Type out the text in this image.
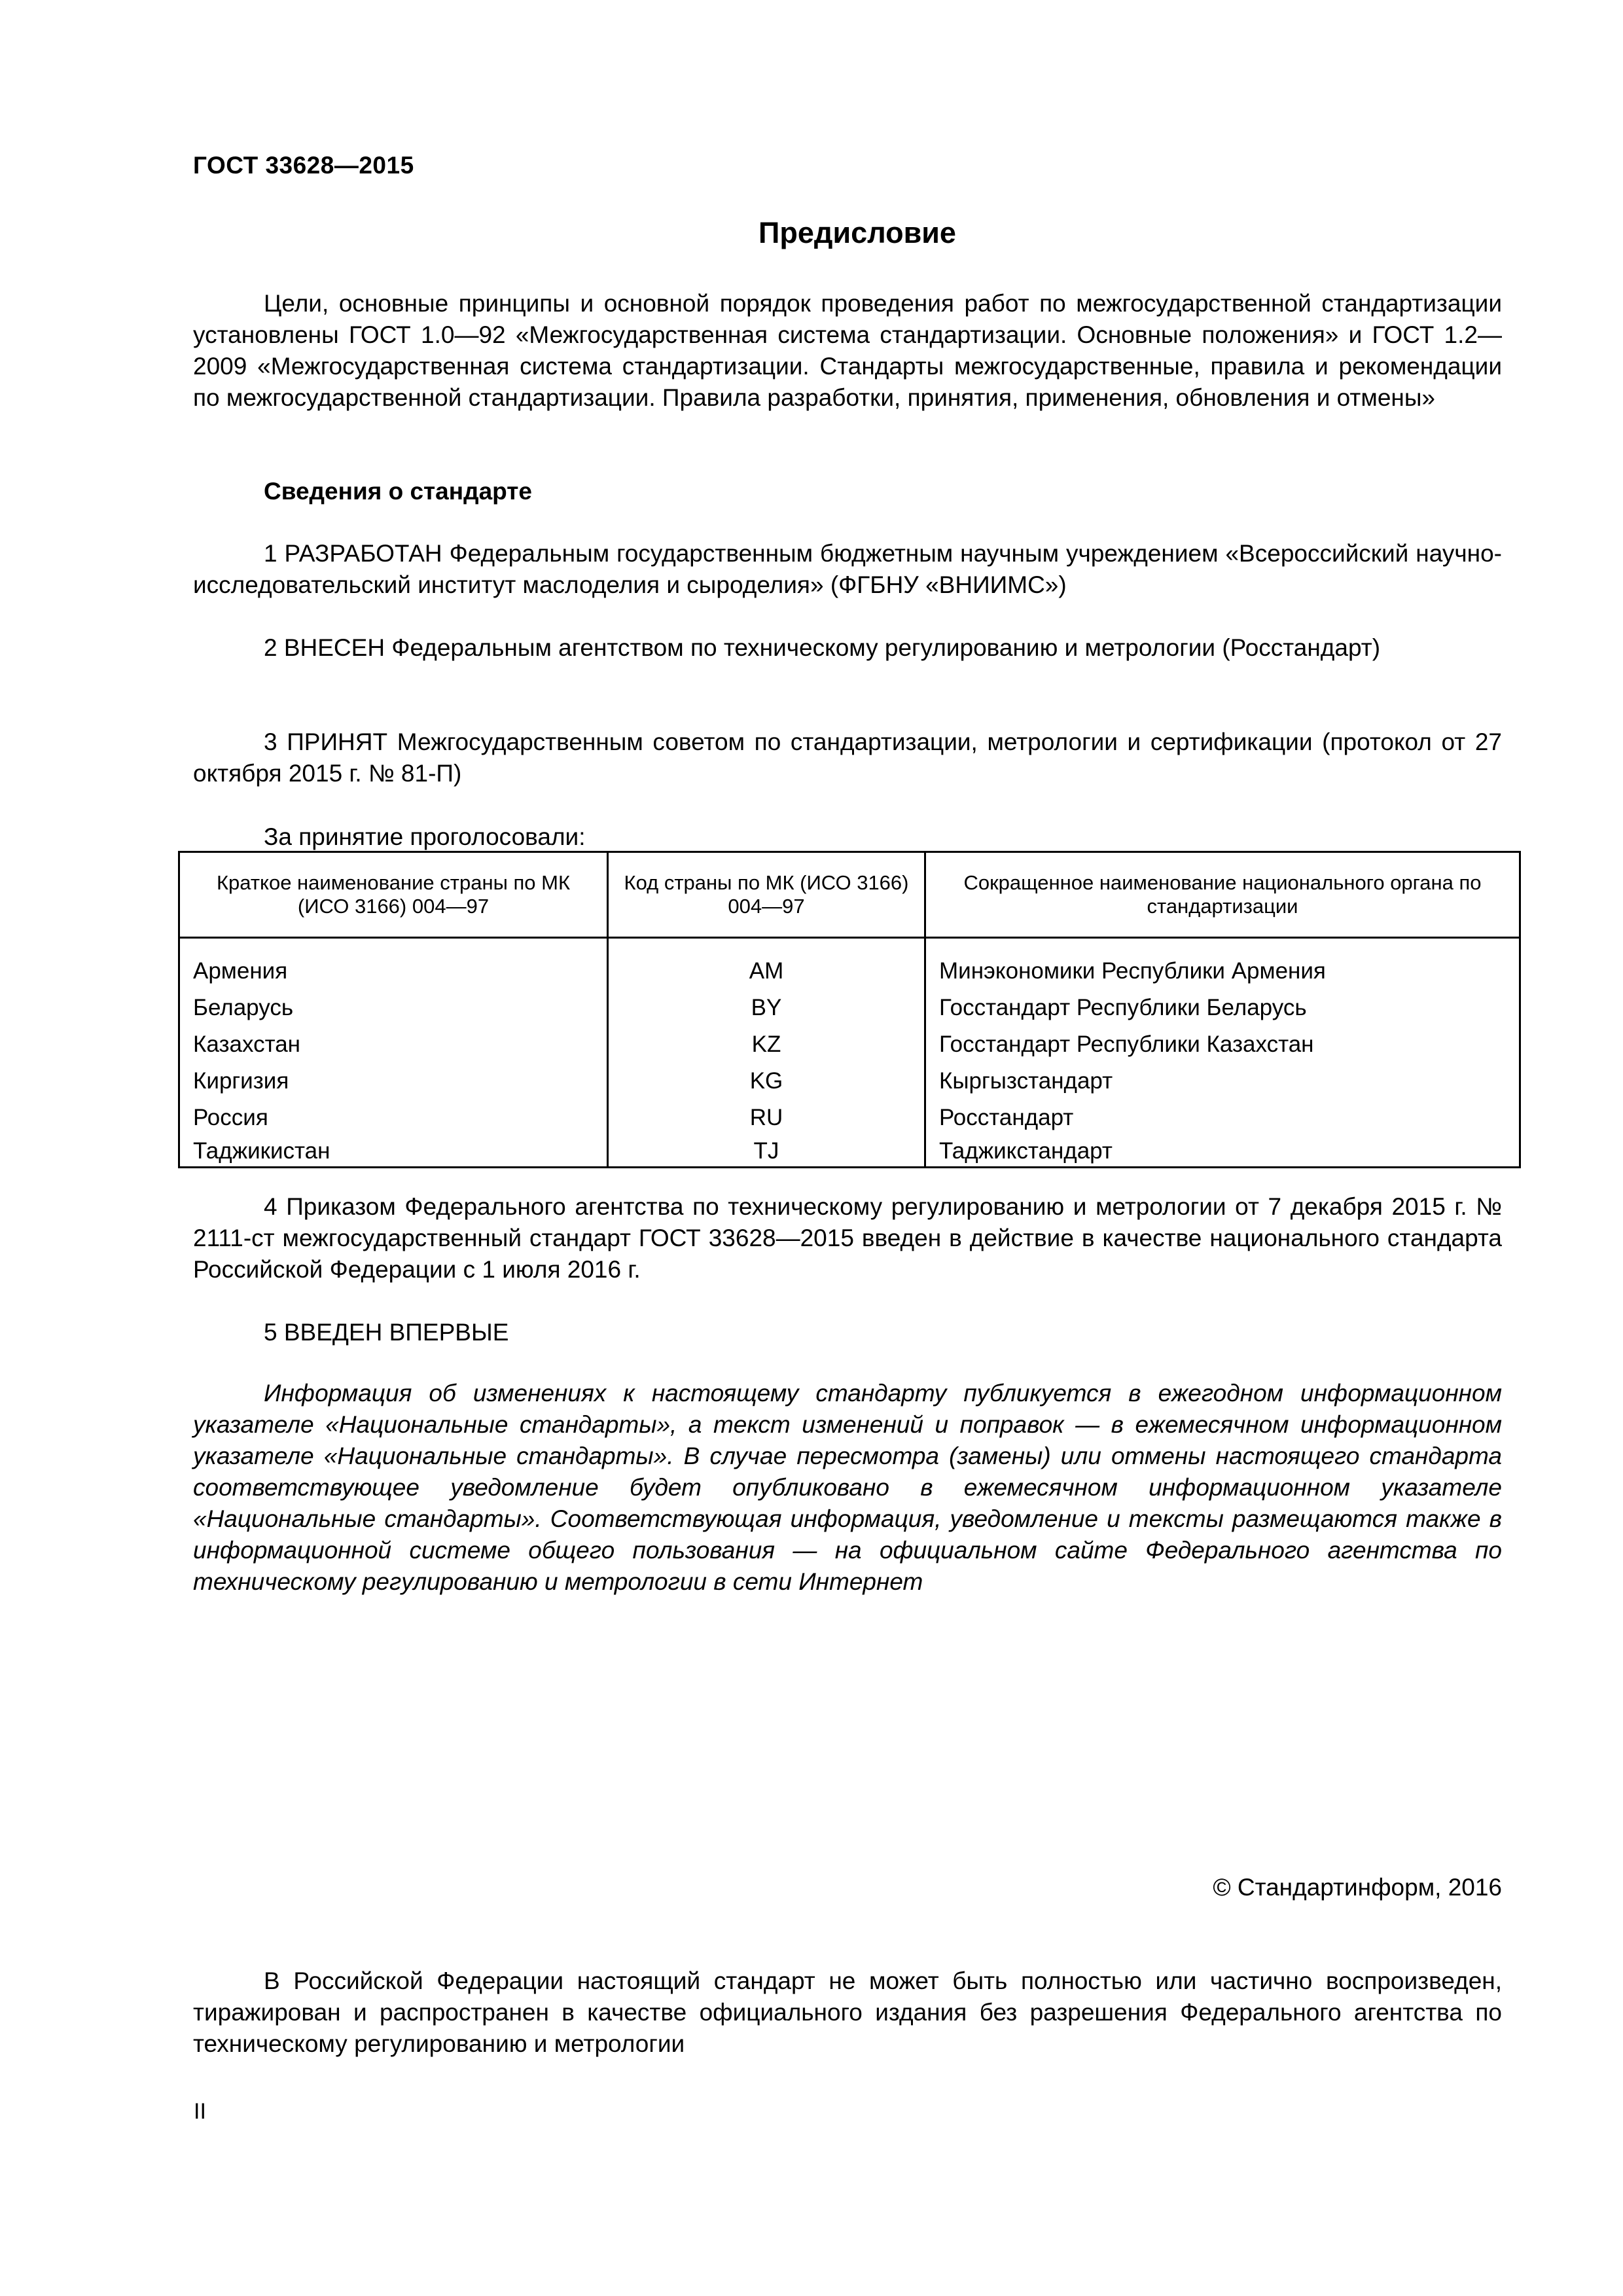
ГОСТ 33628—2015
Предисловие
Цели, основные принципы и основной порядок проведения работ по межгосударственной стандартизации установлены ГОСТ 1.0—92 «Межгосударственная система стандартизации. Основные положения» и ГОСТ 1.2—2009 «Межгосударственная система стандартизации. Стандарты межгосударственные, правила и рекомендации по межгосударственной стандартизации. Правила разработки, принятия, применения, обновления и отмены»
Сведения о стандарте
1 РАЗРАБОТАН Федеральным государственным бюджетным научным учреждением «Всероссийский научно-исследовательский институт маслоделия и сыроделия» (ФГБНУ «ВНИИМС»)
2 ВНЕСЕН Федеральным агентством по техническому регулированию и метрологии (Росстандарт)
3 ПРИНЯТ Межгосударственным советом по стандартизации, метрологии и сертификации (протокол от 27 октября 2015 г. № 81-П)
За принятие проголосовали:
Краткое наименование страны по МК (ИСО 3166) 004—97	Код страны по МК (ИСО 3166) 004—97	Сокращенное наименование национального органа по стандартизации
Армения	AM	Минэкономики Республики Армения
Беларусь	BY	Госстандарт Республики Беларусь
Казахстан	KZ	Госстандарт Республики Казахстан
Киргизия	KG	Кыргызстандарт
Россия	RU	Росстандарт
Таджикистан	TJ	Таджикстандарт
4 Приказом Федерального агентства по техническому регулированию и метрологии от 7 декабря 2015 г. № 2111-ст межгосударственный стандарт ГОСТ 33628—2015 введен в действие в качестве национального стандарта Российской Федерации с 1 июля 2016 г.
5 ВВЕДЕН ВПЕРВЫЕ
Информация об изменениях к настоящему стандарту публикуется в ежегодном информационном указателе «Национальные стандарты», а текст изменений и поправок — в ежемесячном информационном указателе «Национальные стандарты». В случае пересмотра (замены) или отмены настоящего стандарта соответствующее уведомление будет опубликовано в ежемесячном информационном указателе «Национальные стандарты». Соответствующая информация, уведомление и тексты размещаются также в информационной системе общего пользования — на официальном сайте Федерального агентства по техническому регулированию и метрологии в сети Интернет
© Стандартинформ, 2016
В Российской Федерации настоящий стандарт не может быть полностью или частично воспроизведен, тиражирован и распространен в качестве официального издания без разрешения Федерального агентства по техническому регулированию и метрологии
II
